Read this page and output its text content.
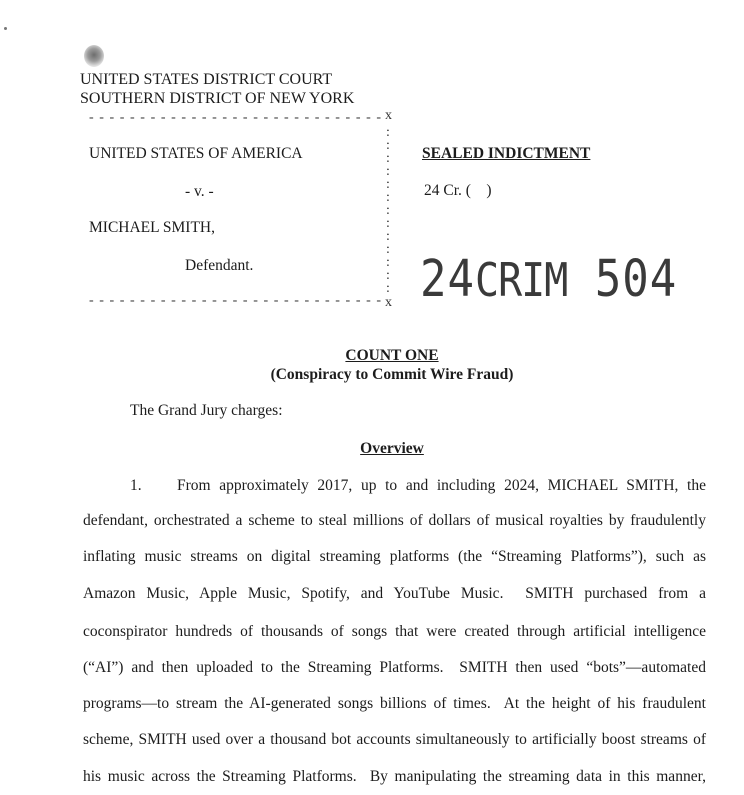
UNITED STATES DISTRICT COURT
SOUTHERN DISTRICT OF NEW YORK
- - - - - - - - - - - - - - - - - - - - - - - - - - - - - x
:
:
:
:
:
:
:
:
:
:
:
:
:
UNITED STATES OF AMERICA
- v. -
MICHAEL SMITH,
Defendant.
- - - - - - - - - - - - - - - - - - - - - - - - - - - - - x
SEALED INDICTMENT
24 Cr. (    )
24CRIM 504
COUNT ONE
(Conspiracy to Commit Wire Fraud)
The Grand Jury charges:
Overview
1. From approximately 2017, up to and including 2024, MICHAEL SMITH, the
defendant, orchestrated a scheme to steal millions of dollars of musical royalties by fraudulently
inflating music streams on digital streaming platforms (the “Streaming Platforms”), such as
Amazon Music, Apple Music, Spotify, and YouTube Music.  SMITH purchased from a
coconspirator hundreds of thousands of songs that were created through artificial intelligence
(“AI”) and then uploaded to the Streaming Platforms.  SMITH then used “bots”—automated
programs—to stream the AI-generated songs billions of times.  At the height of his fraudulent
scheme, SMITH used over a thousand bot accounts simultaneously to artificially boost streams of
his music across the Streaming Platforms.  By manipulating the streaming data in this manner,
